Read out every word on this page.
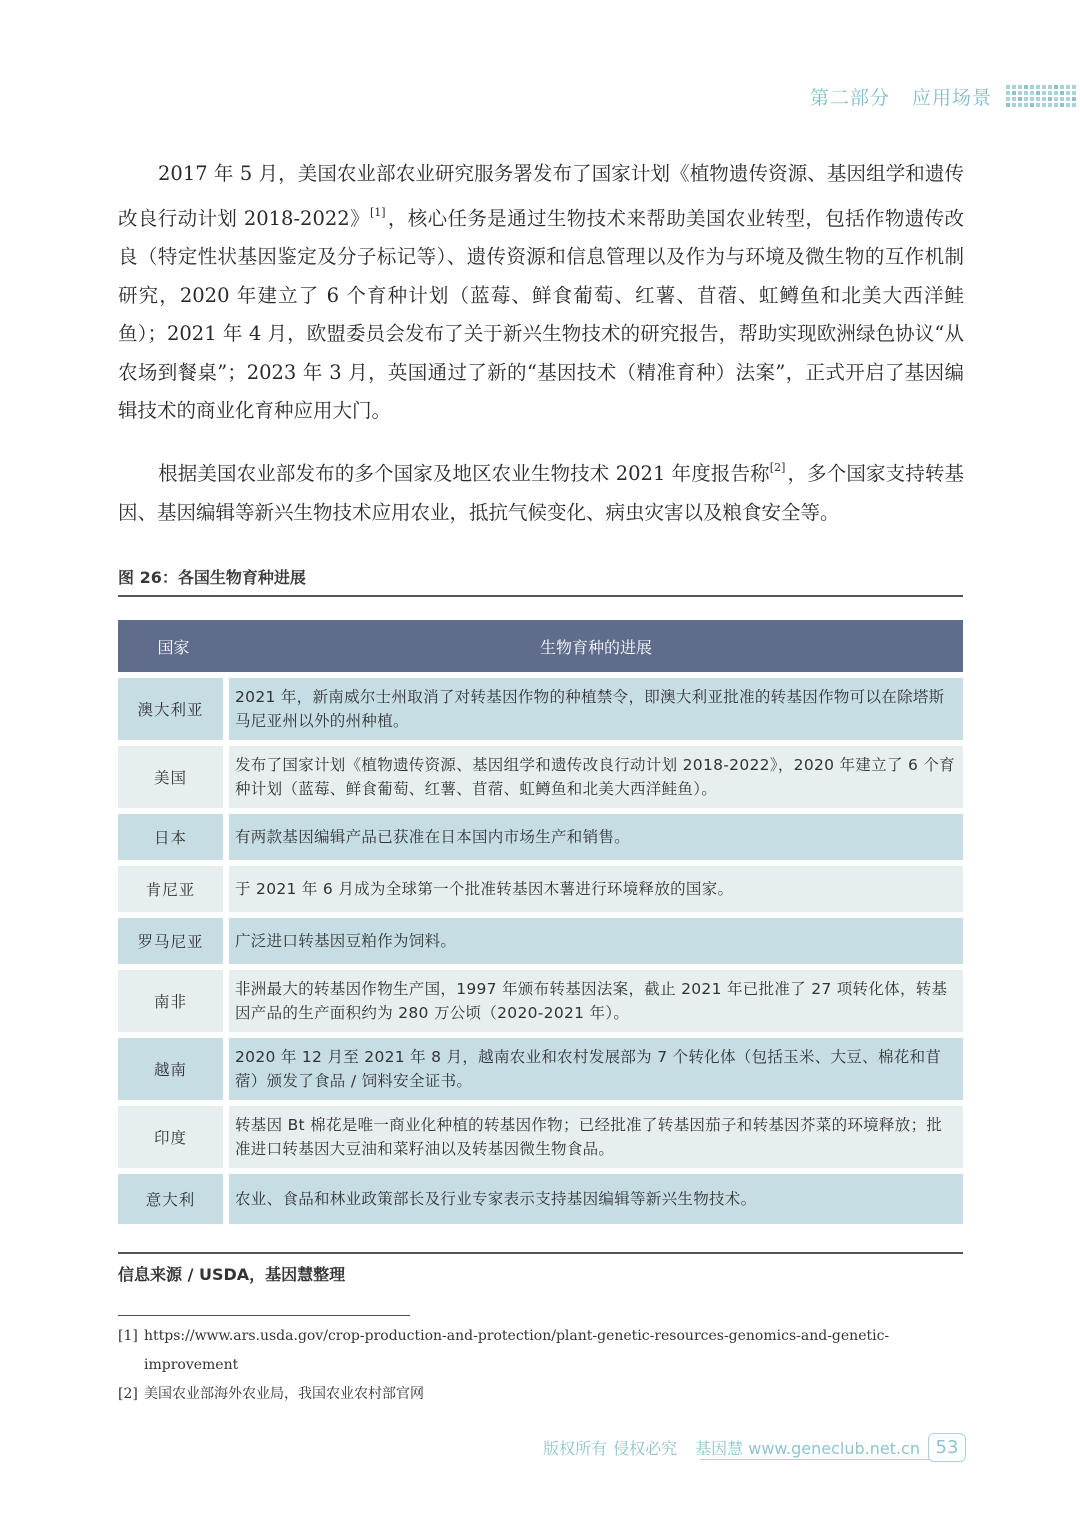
第二部分 应用场景
2017 年 5 月，美国农业部农业研究服务署发布了国家计划《植物遗传资源、基因组学和遗传改良行动计划 2018-2022》[1] ，核心任务是通过生物技术来帮助美国农业转型，包括作物遗传改良（特定性状基因鉴定及分子标记等）、遗传资源和信息管理以及作为与环境及微生物的互作机制研究，2020 年建立了 6 个育种计划（蓝莓、鲜食葡萄、红薯、苜蓿、虹鳟鱼和北美大西洋鲑鱼）；2021 年 4 月，欧盟委员会发布了关于新兴生物技术的研究报告，帮助实现欧洲绿色协议“从农场到餐桌”；2023 年 3 月，英国通过了新的“基因技术（精准育种）法案”，正式开启了基因编辑技术的商业化育种应用大门。
根据美国农业部发布的多个国家及地区农业生物技术 2021 年度报告称[2] ，多个国家支持转基因、基因编辑等新兴生物技术应用农业，抵抗气候变化、病虫灾害以及粮食安全等。
图 26：各国生物育种进展
国家	生物育种的进展
澳大利亚	2021 年，新南威尔士州取消了对转基因作物的种植禁令，即澳大利亚批准的转基因作物可以在除塔斯马尼亚州以外的州种植。
美国	发布了国家计划《植物遗传资源、基因组学和遗传改良行动计划 2018-2022》，2020 年建立了 6 个育种计划（蓝莓、鲜食葡萄、红薯、苜蓿、虹鳟鱼和北美大西洋鲑鱼）。
日本	有两款基因编辑产品已获准在日本国内市场生产和销售。
肯尼亚	于 2021 年 6 月成为全球第一个批准转基因木薯进行环境释放的国家。
罗马尼亚	广泛进口转基因豆粕作为饲料。
南非	非洲最大的转基因作物生产国，1997 年颁布转基因法案，截止 2021 年已批准了 27 项转化体，转基因产品的生产面积约为 280 万公顷（2020-2021 年）。
越南	2020 年 12 月至 2021 年 8 月，越南农业和农村发展部为 7 个转化体（包括玉米、大豆、棉花和苜蓿）颁发了食品 / 饲料安全证书。
印度	转基因 Bt 棉花是唯一商业化种植的转基因作物；已经批准了转基因茄子和转基因芥菜的环境释放；批准进口转基因大豆油和菜籽油以及转基因微生物食品。
意大利	农业、食品和林业政策部长及行业专家表示支持基因编辑等新兴生物技术。
信息来源 / USDA，基因慧整理
[1] https://www.ars.usda.gov/crop-production-and-protection/plant-genetic-resources-genomics-and-genetic-
improvement
[2] 美国农业部海外农业局，我国农业农村部官网
版权所有 侵权必究 基因慧 www.geneclub.net.cn 53
